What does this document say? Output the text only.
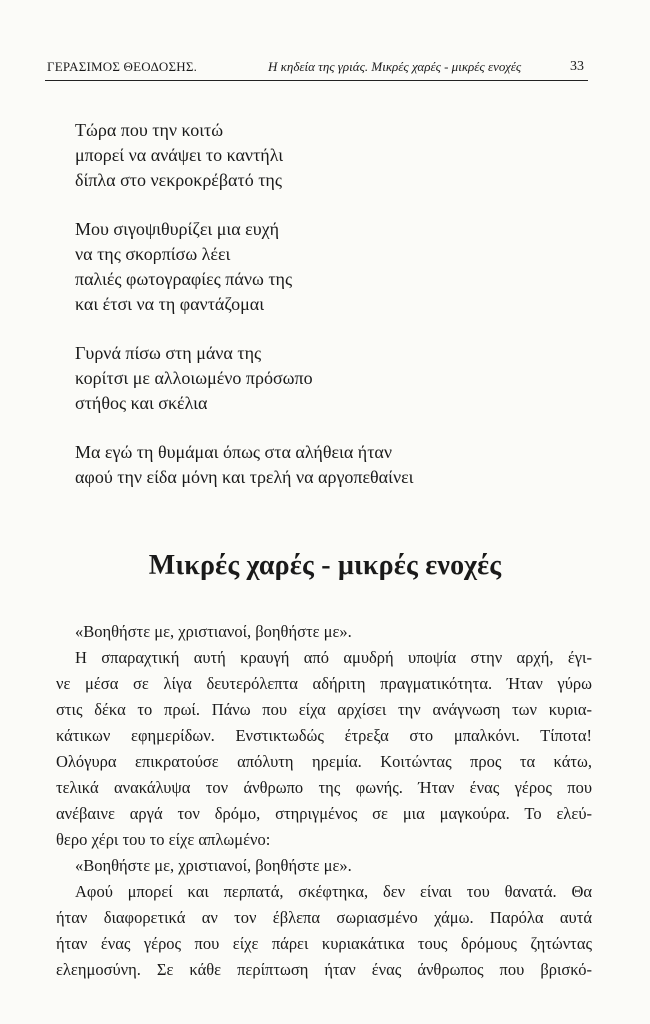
ΓΕΡΑΣΙΜΟΣ ΘΕΟΔΟΣΗΣ.	Η κηδεία της γριάς. Μικρές χαρές - μικρές ενοχές	33
Τώρα που την κοιτώ
μπορεί να ανάψει το καντήλι
δίπλα στο νεκροκρέβατό της
Μου σιγοψιθυρίζει μια ευχή
να της σκορπίσω λέει
παλιές φωτογραφίες πάνω της
και έτσι να τη φαντάζομαι
Γυρνά πίσω στη μάνα της
κορίτσι με αλλοιωμένο πρόσωπο
στήθος και σκέλια
Μα εγώ τη θυμάμαι όπως στα αλήθεια ήταν
αφού την είδα μόνη και τρελή να αργοπεθαίνει
Μικρές χαρές - μικρές ενοχές
«Βοηθήστε με, χριστιανοί, βοηθήστε με».
Η σπαραχτική αυτή κραυγή από αμυδρή υποψία στην αρχή, έγι-
νε μέσα σε λίγα δευτερόλεπτα αδήριτη πραγματικότητα. Ήταν γύρω
στις δέκα το πρωί. Πάνω που είχα αρχίσει την ανάγνωση των κυρια-
κάτικων εφημερίδων. Ενστικτωδώς έτρεξα στο μπαλκόνι. Τίποτα!
Ολόγυρα επικρατούσε απόλυτη ηρεμία. Κοιτώντας προς τα κάτω,
τελικά ανακάλυψα τον άνθρωπο της φωνής. Ήταν ένας γέρος που
ανέβαινε αργά τον δρόμο, στηριγμένος σε μια μαγκούρα. Το ελεύ-
θερο χέρι του το είχε απλωμένο:
«Βοηθήστε με, χριστιανοί, βοηθήστε με».
Αφού μπορεί και περπατά, σκέφτηκα, δεν είναι του θανατά. Θα
ήταν διαφορετικά αν τον έβλεπα σωριασμένο χάμω. Παρόλα αυτά
ήταν ένας γέρος που είχε πάρει κυριακάτικα τους δρόμους ζητώντας
ελεημοσύνη. Σε κάθε περίπτωση ήταν ένας άνθρωπος που βρισκό-
